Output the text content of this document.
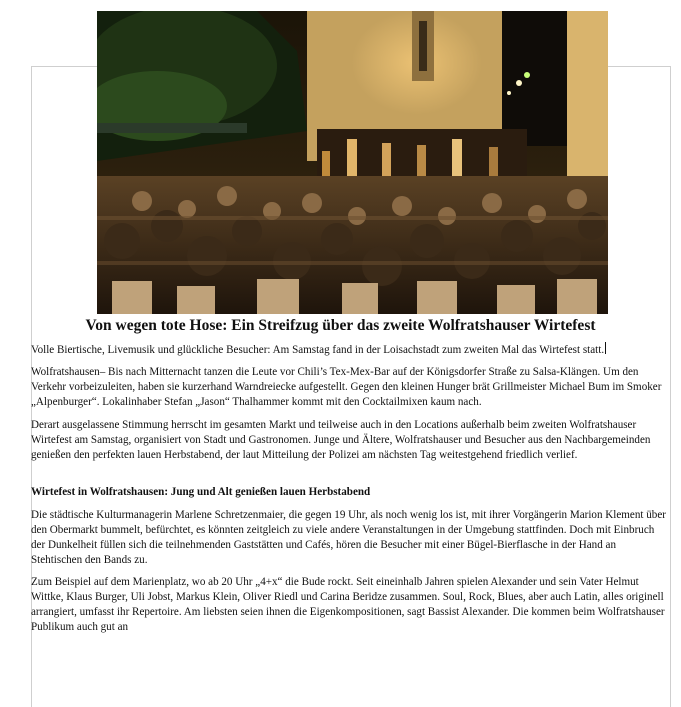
Von wegen tote Hose: Ein Streifzug über das zweite Wolfratshauser Wirtefest

Volle Biertische, Livemusik und glückliche Besucher: Am Samstag fand in der Loisachstadt zum zweiten Mal das Wirtefest statt.

Wolfratshausen– Bis nach Mitternacht tanzen die Leute vor Chili’s Tex-Mex-Bar auf der Königsdorfer Straße zu Salsa-Klängen. Um den Verkehr vorbeizuleiten, haben sie kurzerhand Warndreiecke aufgestellt. Gegen den kleinen Hunger brät Grillmeister Michael Bum im Smoker „Alpenburger“. Lokalinhaber Stefan „Jason“ Thalhammer kommt mit den Cocktailmixen kaum nach.

Derart ausgelassene Stimmung herrscht im gesamten Markt und teilweise auch in den Locations außerhalb beim zweiten Wolfratshauser Wirtefest am Samstag, organisiert von Stadt und Gastronomen. Junge und Ältere, Wolfratshauser und Besucher aus den Nachbargemeinden genießen den perfekten lauen Herbstabend, der laut Mitteilung der Polizei am nächsten Tag weitestgehend friedlich verlief.

Wirtefest in Wolfratshausen: Jung und Alt genießen lauen Herbstabend

Die städtische Kulturmanagerin Marlene Schretzenmaier, die gegen 19 Uhr, als noch wenig los ist, mit ihrer Vorgängerin Marion Klement über den Obermarkt bummelt, befürchtet, es könnten zeitgleich zu viele andere Veranstaltungen in der Umgebung stattfinden. Doch mit Einbruch der Dunkelheit füllen sich die teilnehmenden Gaststätten und Cafés, hören die Besucher mit einer Bügel-Bierflasche in der Hand an Stehtischen den Bands zu.

Zum Beispiel auf dem Marienplatz, wo ab 20 Uhr „4+x“ die Bude rockt. Seit eineinhalb Jahren spielen Alexander und sein Vater Helmut Wittke, Klaus Burger, Uli Jobst, Markus Klein, Oliver Riedl und Carina Beridze zusammen. Soul, Rock, Blues, aber auch Latin, alles originell arrangiert, umfasst ihr Repertoire. Am liebsten seien ihnen die Eigenkompositionen, sagt Bassist Alexander. Die kommen beim Wolfratshauser Publikum auch gut an
